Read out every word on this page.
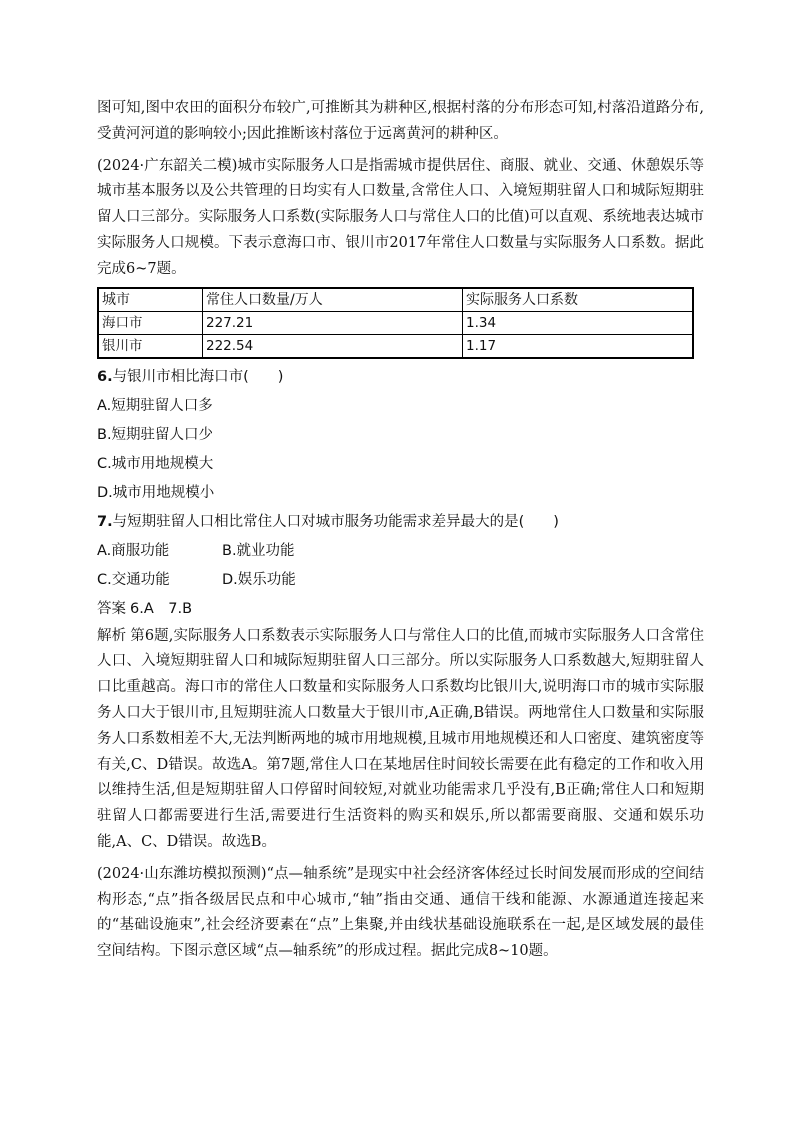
图可知,图中农田的面积分布较广,可推断其为耕种区,根据村落的分布形态可知,村落沿道路分布,受黄河河道的影响较小;因此推断该村落位于远离黄河的耕种区。

(2024·广东韶关二模)城市实际服务人口是指需城市提供居住、商服、就业、交通、休憩娱乐等城市基本服务以及公共管理的日均实有人口数量,含常住人口、入境短期驻留人口和城际短期驻留人口三部分。实际服务人口系数(实际服务人口与常住人口的比值)可以直观、系统地表达城市实际服务人口规模。下表示意海口市、银川市2017年常住人口数量与实际服务人口系数。据此完成6~7题。

城市	常住人口数量/万人	实际服务人口系数
海口市	227.21	1.34
银川市	222.54	1.17
6.与银川市相比海口市(　　)
A.短期驻留人口多
B.短期驻留人口少
C.城市用地规模大
D.城市用地规模小
7.与短期驻留人口相比常住人口对城市服务功能需求差异最大的是(　　)
A.商服功能	B.就业功能
C.交通功能	D.娱乐功能
答案 6.A　7.B

解析 第6题,实际服务人口系数表示实际服务人口与常住人口的比值,而城市实际服务人口含常住人口、入境短期驻留人口和城际短期驻留人口三部分。所以实际服务人口系数越大,短期驻留人口比重越高。海口市的常住人口数量和实际服务人口系数均比银川大,说明海口市的城市实际服务人口大于银川市,且短期驻流人口数量大于银川市,A正确,B错误。两地常住人口数量和实际服务人口系数相差不大,无法判断两地的城市用地规模,且城市用地规模还和人口密度、建筑密度等有关,C、D错误。故选A。第7题,常住人口在某地居住时间较长需要在此有稳定的工作和收入用以维持生活,但是短期驻留人口停留时间较短,对就业功能需求几乎没有,B正确;常住人口和短期驻留人口都需要进行生活,需要进行生活资料的购买和娱乐,所以都需要商服、交通和娱乐功能,A、C、D错误。故选B。

(2024·山东潍坊模拟预测)“点—轴系统”是现实中社会经济客体经过长时间发展而形成的空间结构形态,“点”指各级居民点和中心城市,“轴”指由交通、通信干线和能源、水源通道连接起来的“基础设施束”,社会经济要素在“点”上集聚,并由线状基础设施联系在一起,是区域发展的最佳空间结构。下图示意区域“点—轴系统”的形成过程。据此完成8~10题。
